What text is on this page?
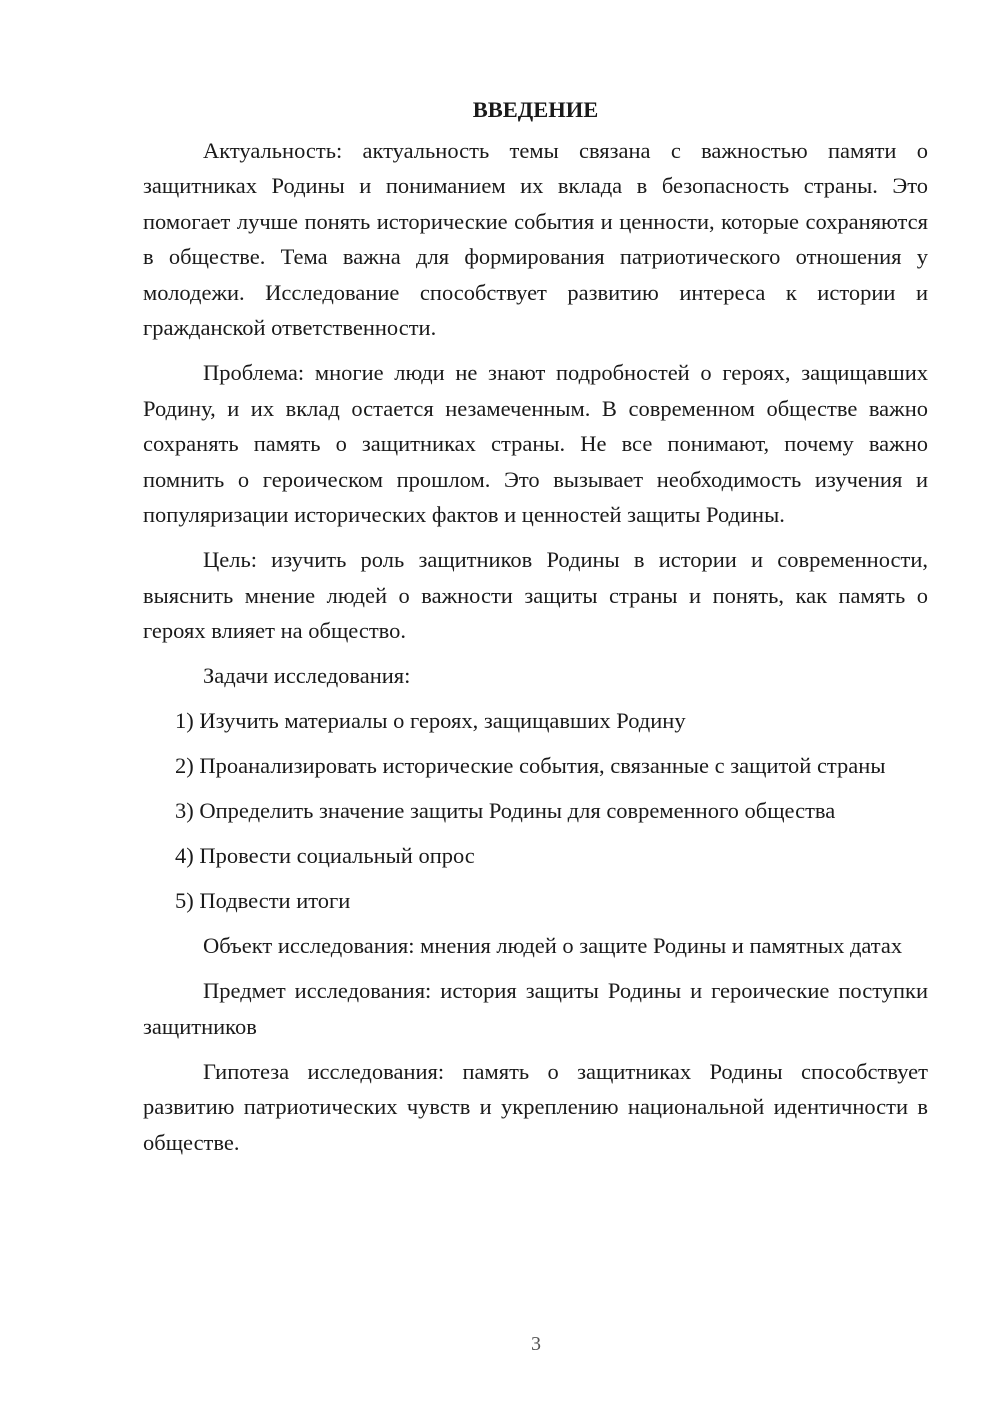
ВВЕДЕНИЕ

Актуальность: актуальность темы связана с важностью памяти о защитниках Родины и пониманием их вклада в безопасность страны. Это помогает лучше понять исторические события и ценности, которые сохраняются в обществе. Тема важна для формирования патриотического отношения у молодежи. Исследование способствует развитию интереса к истории и гражданской ответственности.

Проблема: многие люди не знают подробностей о героях, защищавших Родину, и их вклад остается незамеченным. В современном обществе важно сохранять память о защитниках страны. Не все понимают, почему важно помнить о героическом прошлом. Это вызывает необходимость изучения и популяризации исторических фактов и ценностей защиты Родины.

Цель: изучить роль защитников Родины в истории и современности, выяснить мнение людей о важности защиты страны и понять, как память о героях влияет на общество.

Задачи исследования:

1) Изучить материалы о героях, защищавших Родину

2) Проанализировать исторические события, связанные с защитой страны

3) Определить значение защиты Родины для современного общества

4) Провести социальный опрос

5) Подвести итоги

Объект исследования: мнения людей о защите Родины и памятных датах

Предмет исследования: история защиты Родины и героические поступки защитников

Гипотеза исследования: память о защитниках Родины способствует развитию патриотических чувств и укреплению национальной идентичности в обществе.

3
